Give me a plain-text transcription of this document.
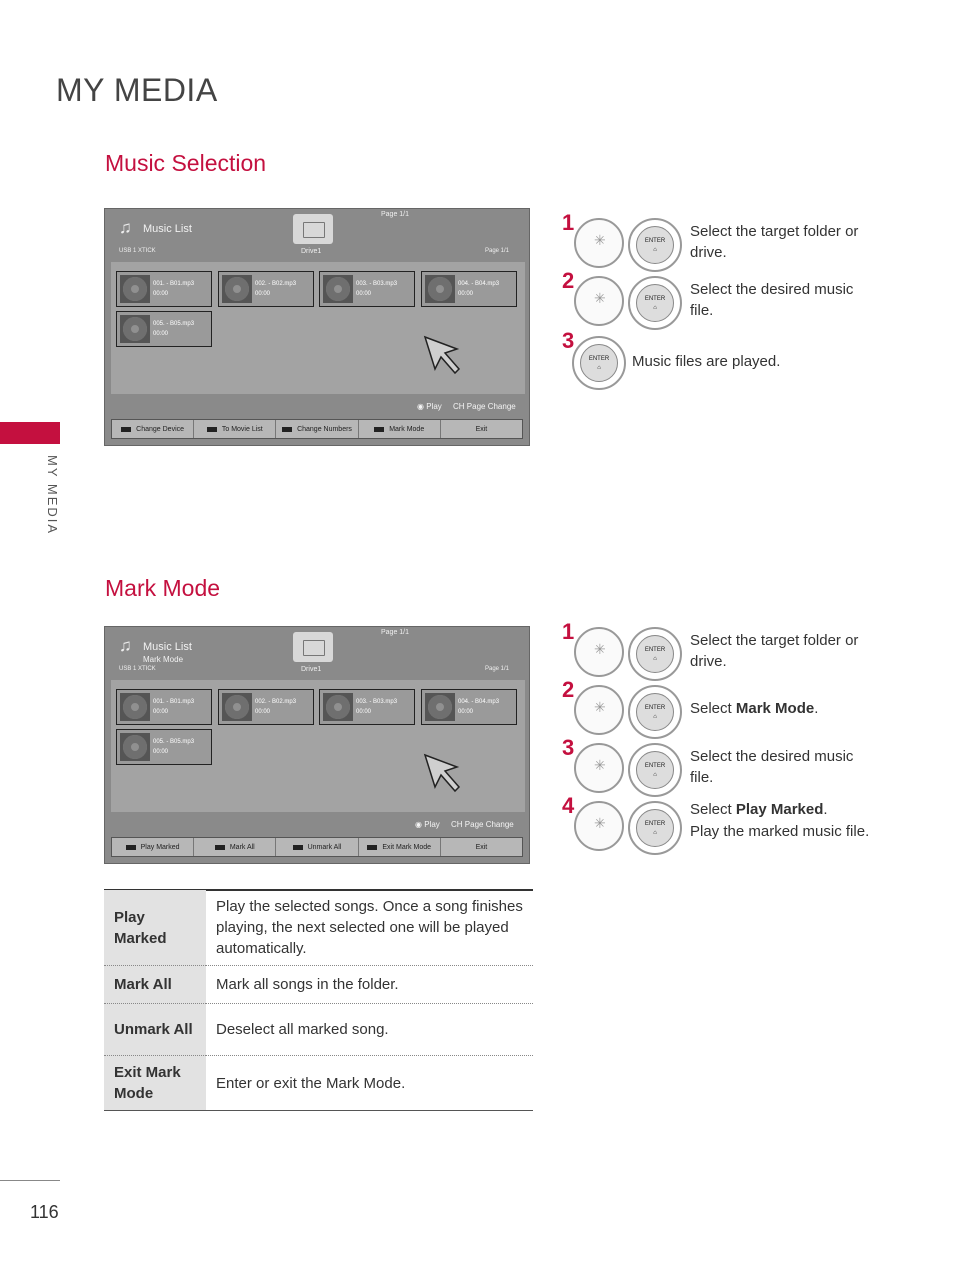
MY MEDIA
MY MEDIA
Music Selection
♫	Music List
Page 1/1
USB 1 XTICK	Drive1	Page 1/1
001. - B01.mp3
00:00
002. - B02.mp3
00:00
003. - B03.mp3
00:00
004. - B04.mp3
00:00
005. - B05.mp3
00:00
◉ Play CH Page Change
Change Device	To Movie List	Change Numbers	Mark Mode	Exit
1
✳	ENTER
⌂
Select the target folder or drive.
2
✳	ENTER
⌂
Select the desired music file.
3
ENTER
⌂	Music files are played.
Mark Mode
♫	Music List
Mark Mode
Page 1/1
USB 1 XTICK	Drive1	Page 1/1
001. - B01.mp3
00:00
002. - B02.mp3
00:00
003. - B03.mp3
00:00
004. - B04.mp3
00:00
005. - B05.mp3
00:00
◉ Play CH Page Change
Play Marked	Mark All	Unmark All	Exit Mark Mode	Exit
1
✳	ENTER
⌂
Select the target folder or drive.
2
✳	ENTER
⌂	Select Mark Mode.
3
✳	ENTER
⌂
Select the desired music file.
4
✳	ENTER
⌂
Select Play Marked.
Play the marked music file.
Play Marked	Play the selected songs. Once a song finishes playing, the next selected one will be played automatically.
Mark All	Mark all songs in the folder.
Unmark All	Deselect all marked song.
Exit Mark Mode	Enter or exit the Mark Mode.
116
